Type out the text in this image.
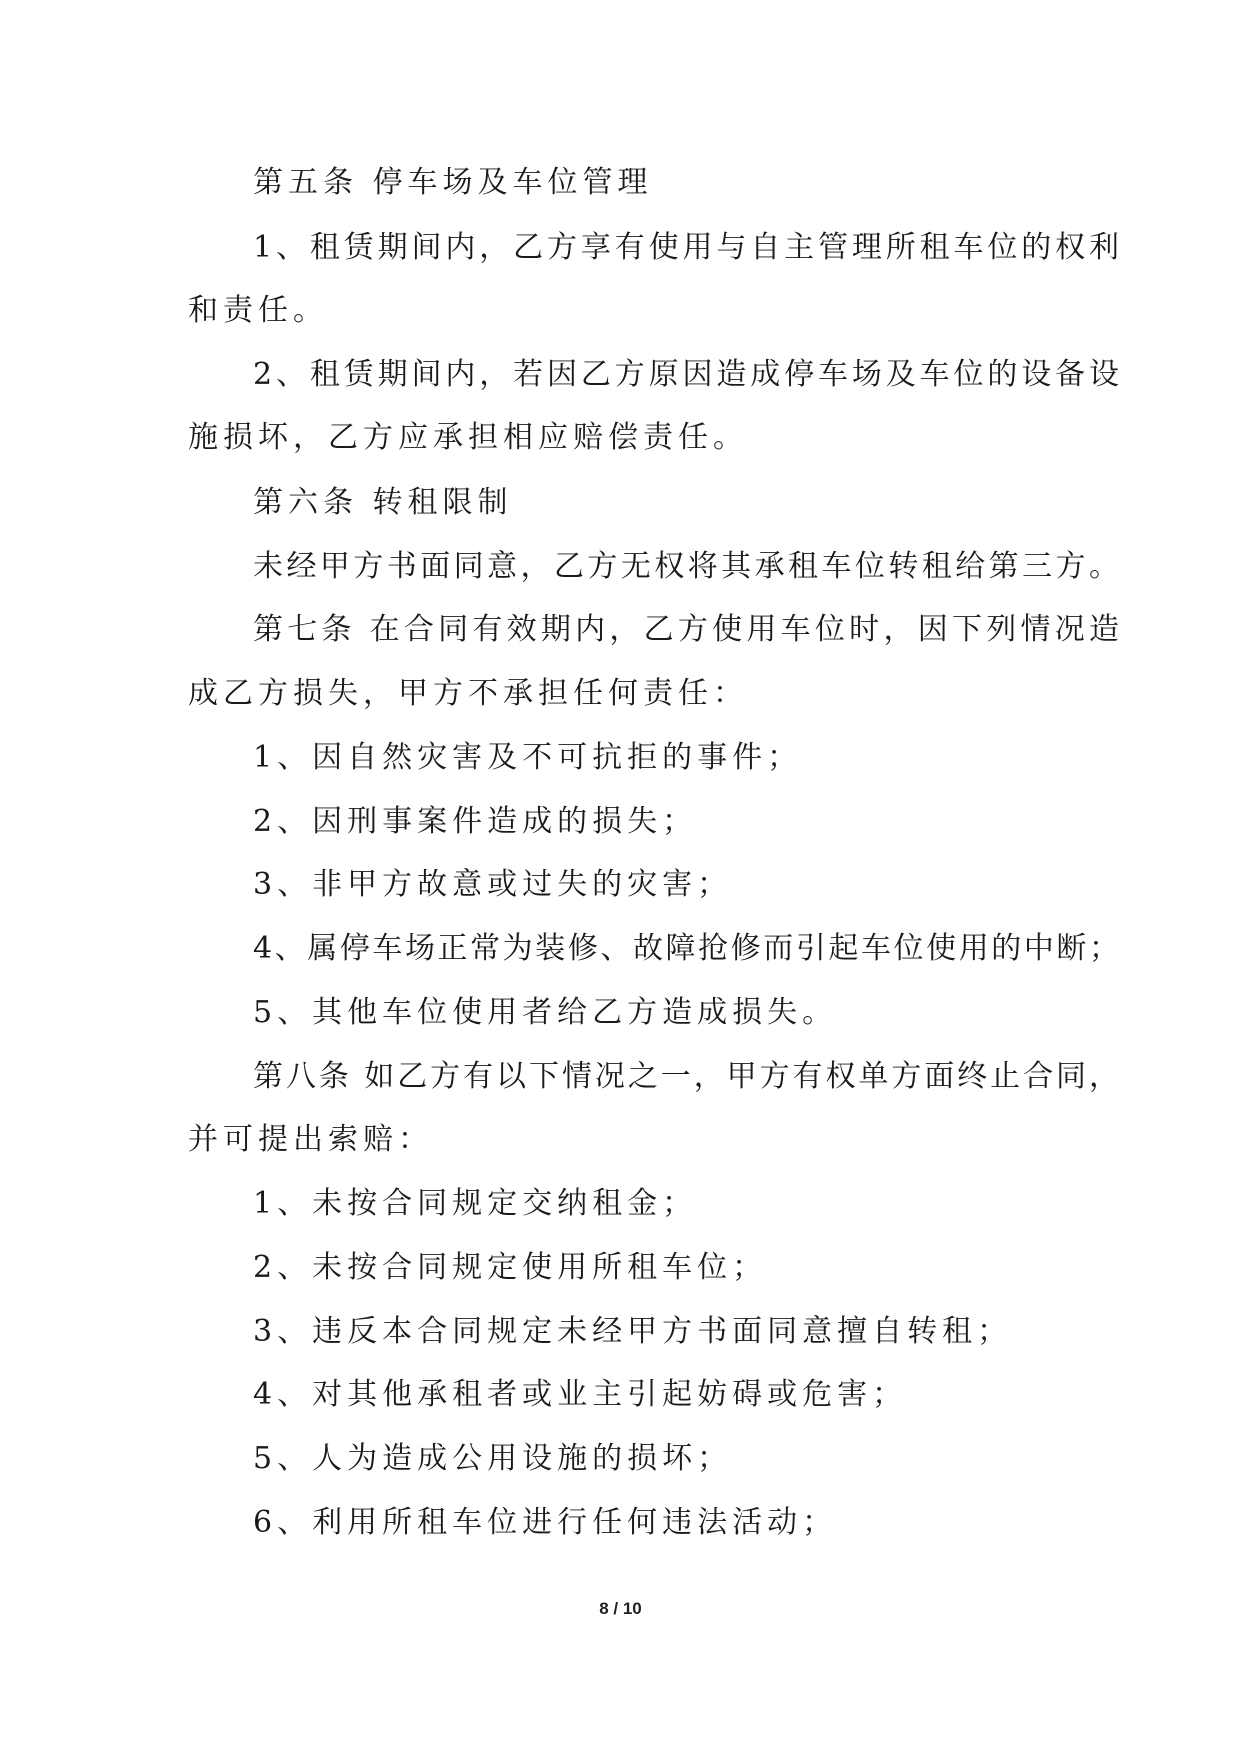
第五条 停车场及车位管理
1、租赁期间内，乙方享有使用与自主管理所租车位的权利
和责任。
2、租赁期间内，若因乙方原因造成停车场及车位的设备设
施损坏，乙方应承担相应赔偿责任。
第六条 转租限制
未经甲方书面同意，乙方无权将其承租车位转租给第三方。
第七条 在合同有效期内，乙方使用车位时，因下列情况造
成乙方损失，甲方不承担任何责任：
1、因自然灾害及不可抗拒的事件；
2、因刑事案件造成的损失；
3、非甲方故意或过失的灾害；
4、属停车场正常为装修、故障抢修而引起车位使用的中断；
5、其他车位使用者给乙方造成损失。
第八条 如乙方有以下情况之一，甲方有权单方面终止合同，
并可提出索赔：
1、未按合同规定交纳租金；
2、未按合同规定使用所租车位；
3、违反本合同规定未经甲方书面同意擅自转租；
4、对其他承租者或业主引起妨碍或危害；
5、人为造成公用设施的损坏；
6、利用所租车位进行任何违法活动；
8 / 10
